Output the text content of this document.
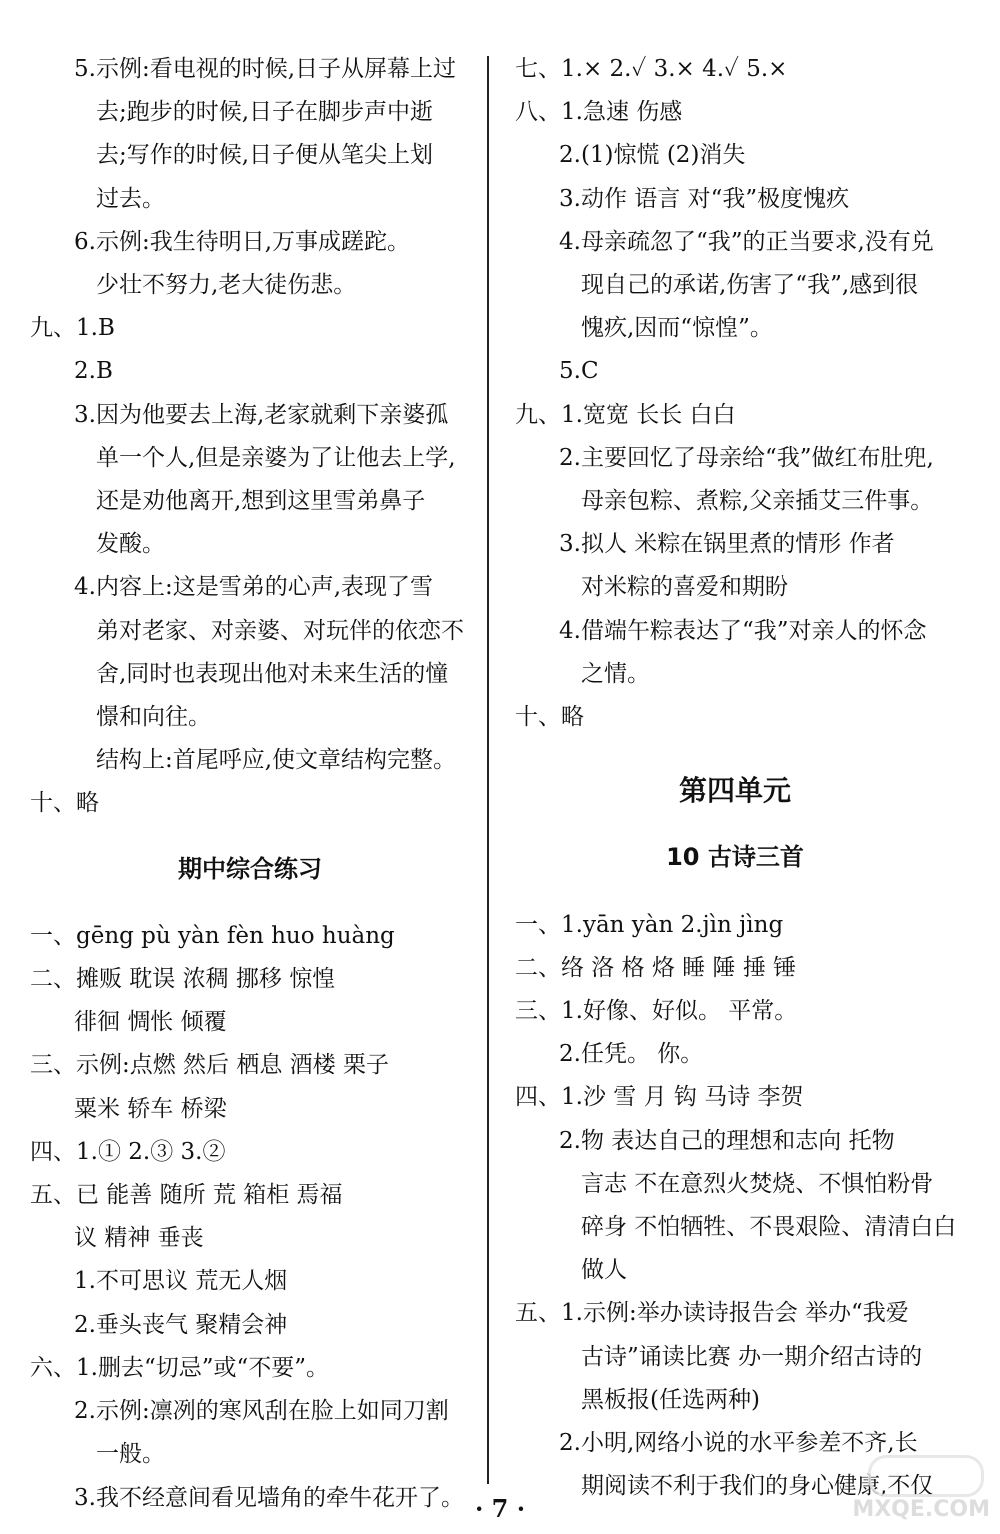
5.示例:看电视的时候,日子从屏幕上过
去;跑步的时候,日子在脚步声中逝
去;写作的时候,日子便从笔尖上划
过去。
6.示例:我生待明日,万事成蹉跎。
少壮不努力,老大徒伤悲。
九、1.B
2.B
3.因为他要去上海,老家就剩下亲婆孤
单一个人,但是亲婆为了让他去上学,
还是劝他离开,想到这里雪弟鼻子
发酸。
4.内容上:这是雪弟的心声,表现了雪
弟对老家、对亲婆、对玩伴的依恋不
舍,同时也表现出他对未来生活的憧
憬和向往。
结构上:首尾呼应,使文章结构完整。
十、略
期中综合练习
一、gēng pù yàn fèn huo huàng
二、摊贩 耽误 浓稠 挪移 惊惶
徘徊 惆怅 倾覆
三、示例:点燃 然后 栖息 酒楼 栗子
粟米 轿车 桥梁
四、1.① 2.③ 3.②
五、已 能善 随所 荒 箱柜 焉福
议 精神 垂丧
1.不可思议 荒无人烟
2.垂头丧气 聚精会神
六、1.删去“切忌”或“不要”。
2.示例:凛冽的寒风刮在脸上如同刀割
一般。
3.我不经意间看见墙角的牵牛花开了。
七、1.× 2.✓ 3.× 4.✓ 5.×
八、1.急速 伤感
2.(1)惊慌 (2)消失
3.动作 语言 对“我”极度愧疚
4.母亲疏忽了“我”的正当要求,没有兑
现自己的承诺,伤害了“我”,感到很
愧疚,因而“惊惶”。
5.C
九、1.宽宽 长长 白白
2.主要回忆了母亲给“我”做红布肚兜,
母亲包粽、煮粽,父亲插艾三件事。
3.拟人 米粽在锅里煮的情形 作者
对米粽的喜爱和期盼
4.借端午粽表达了“我”对亲人的怀念
之情。
十、略
第四单元
10 古诗三首
一、1.yān yàn 2.jìn jìng
二、络 洛 格 烙 睡 陲 捶 锤
三、1.好像、好似。 平常。
2.任凭。 你。
四、1.沙 雪 月 钩 马诗 李贺
2.物 表达自己的理想和志向 托物
言志 不在意烈火焚烧、不惧怕粉骨
碎身 不怕牺牲、不畏艰险、清清白白
做人
五、1.示例:举办读诗报告会 举办“我爱
古诗”诵读比赛 办一期介绍古诗的
黑板报(任选两种)
2.小明,网络小说的水平参差不齐,长
期阅读不利于我们的身心健康,不仅
· 7 ·	MXQE.COM
